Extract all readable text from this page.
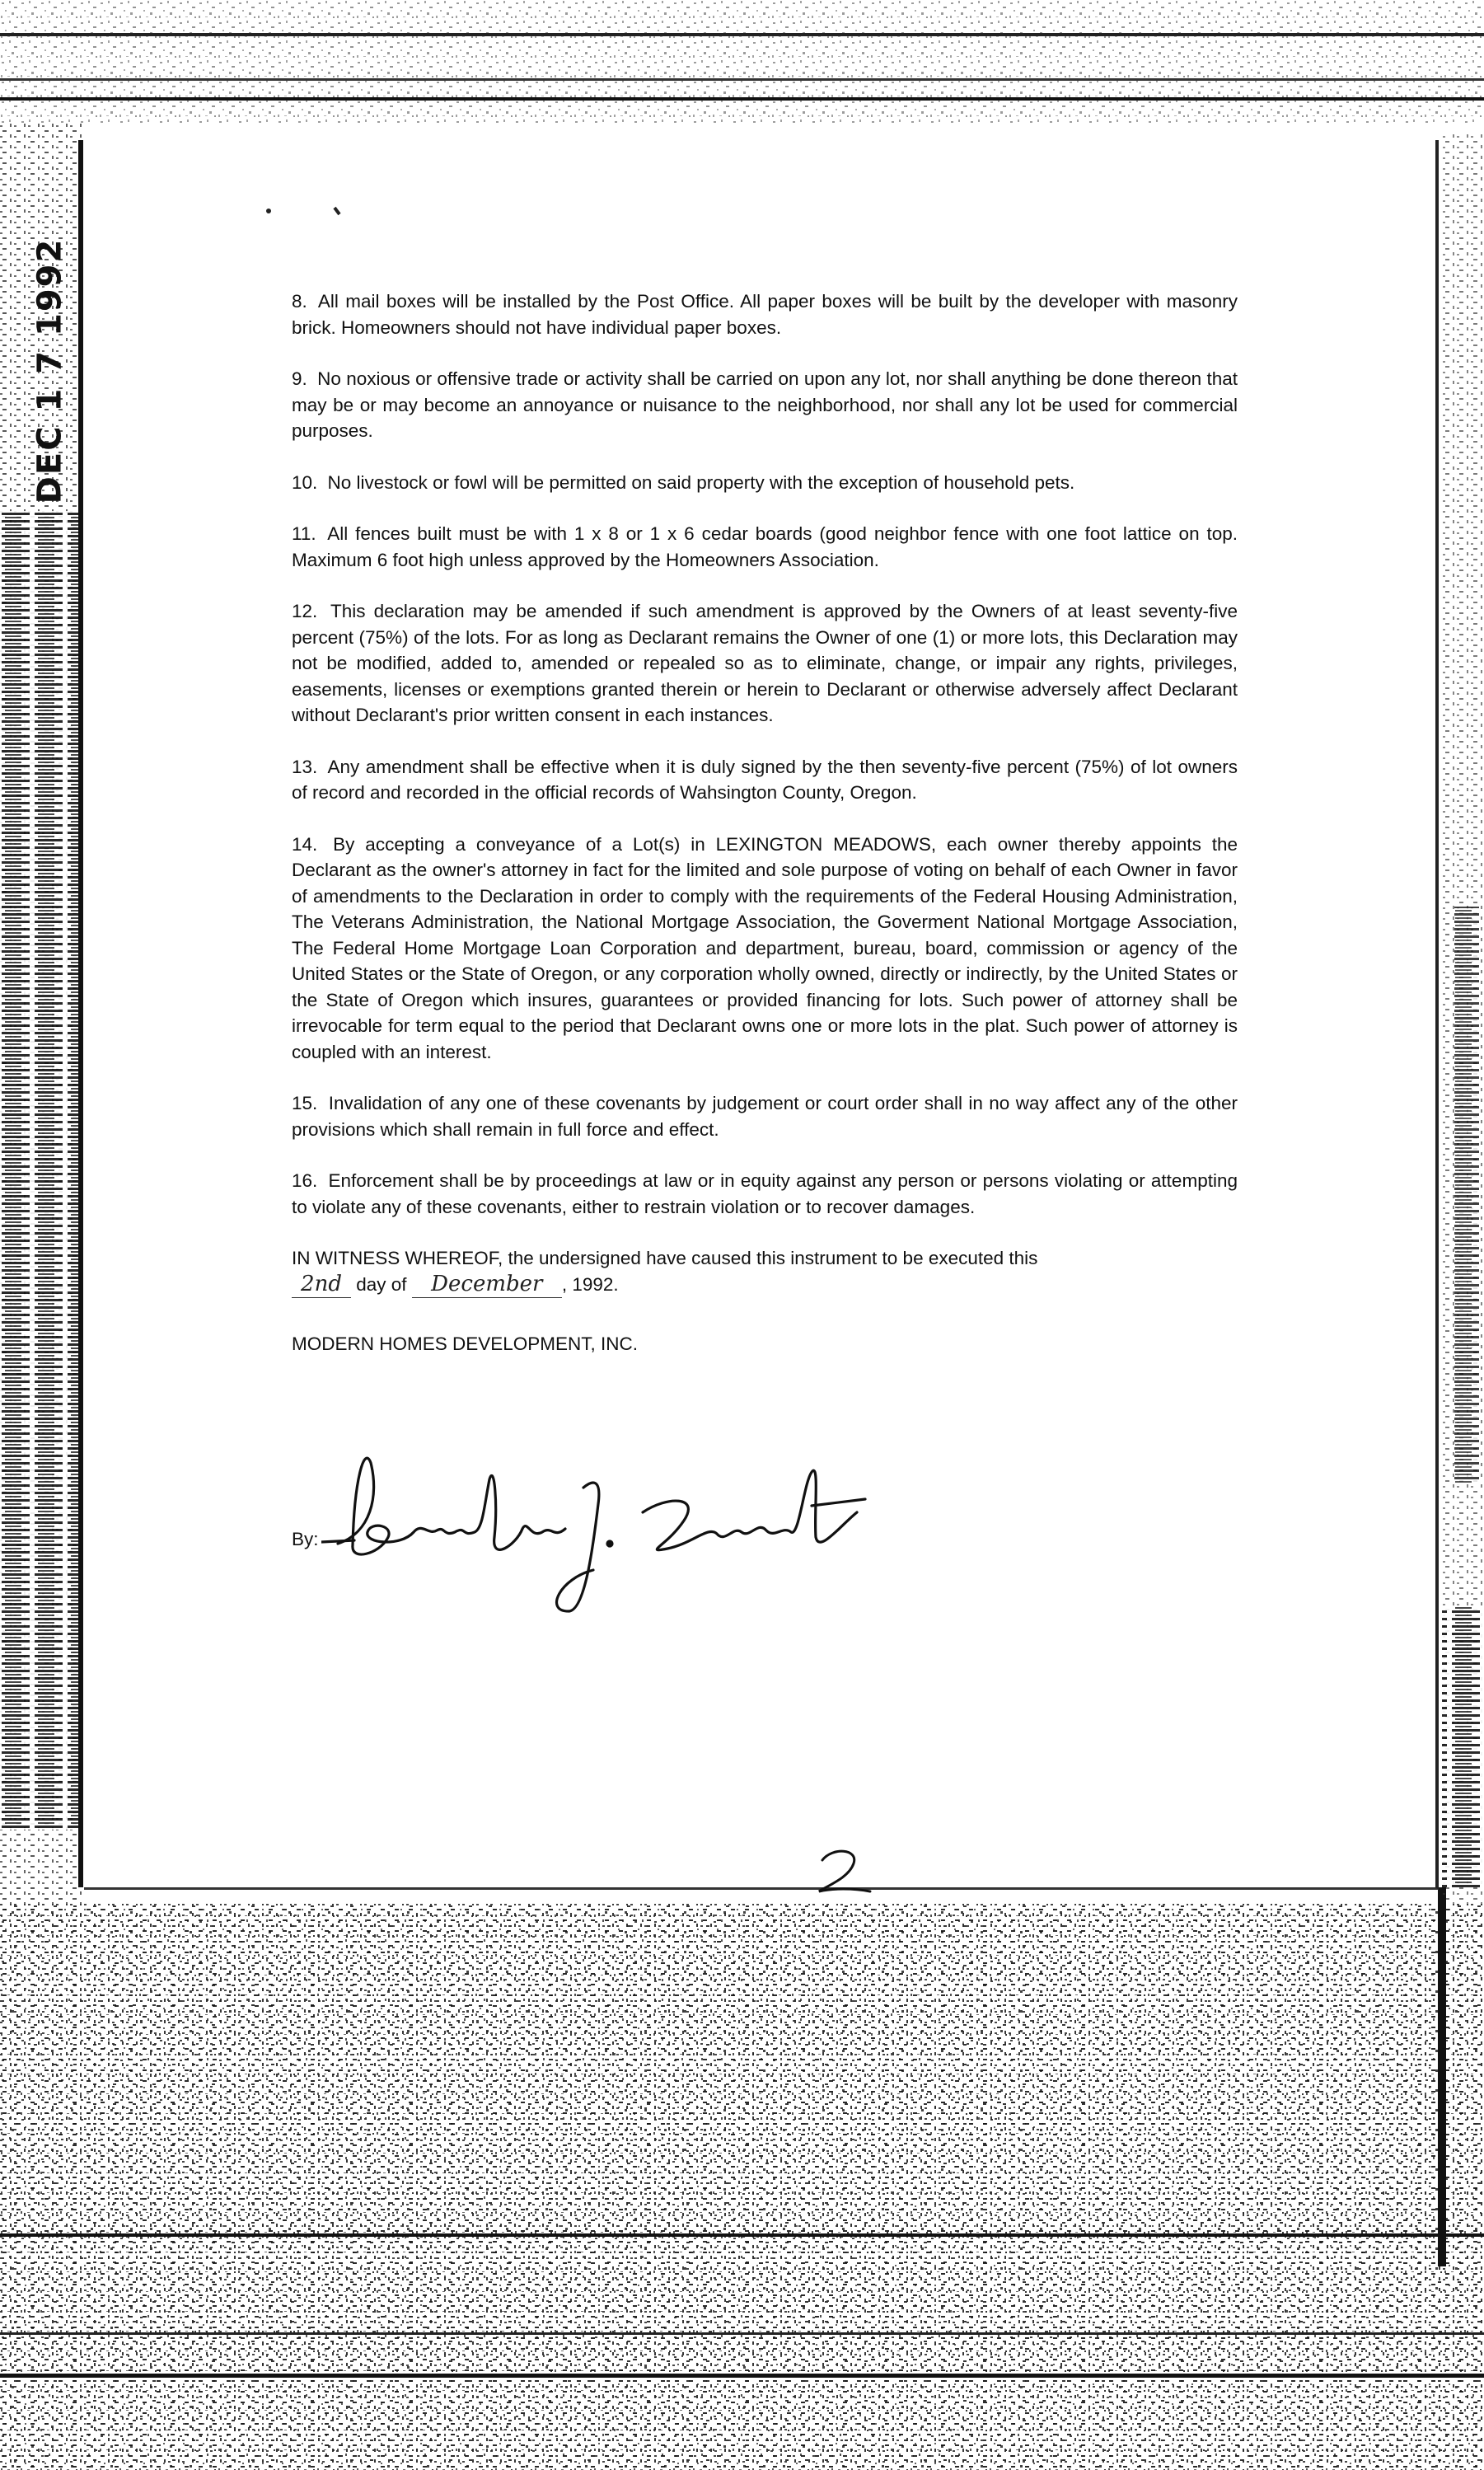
DEC 1 7 1992	8. All mail boxes will be installed by the Post Office. All paper boxes will be built by the developer with masonry brick. Homeowners should not have individual paper boxes.

9. No noxious or offensive trade or activity shall be carried on upon any lot, nor shall anything be done thereon that may be or may become an annoyance or nuisance to the neighborhood, nor shall any lot be used for commercial purposes.

10. No livestock or fowl will be permitted on said property with the exception of household pets.

11. All fences built must be with 1 x 8 or 1 x 6 cedar boards (good neighbor fence with one foot lattice on top. Maximum 6 foot high unless approved by the Homeowners Association.

12. This declaration may be amended if such amendment is approved by the Owners of at least seventy-five percent (75%) of the lots. For as long as Declarant remains the Owner of one (1) or more lots, this Declaration may not be modified, added to, amended or repealed so as to eliminate, change, or impair any rights, privileges, easements, licenses or exemptions granted therein or herein to Declarant or otherwise adversely affect Declarant without Declarant's prior written consent in each instances.

13. Any amendment shall be effective when it is duly signed by the then seventy-five percent (75%) of lot owners of record and recorded in the official records of Wahsington County, Oregon.

14. By accepting a conveyance of a Lot(s) in LEXINGTON MEADOWS, each owner thereby appoints the Declarant as the owner's attorney in fact for the limited and sole purpose of voting on behalf of each Owner in favor of amendments to the Declaration in order to comply with the requirements of the Federal Housing Administration, The Veterans Administration, the National Mortgage Association, the Goverment National Mortgage Association, The Federal Home Mortgage Loan Corporation and department, bureau, board, commission or agency of the United States or the State of Oregon, or any corporation wholly owned, directly or indirectly, by the United States or the State of Oregon which insures, guarantees or provided financing for lots. Such power of attorney shall be irrevocable for term equal to the period that Declarant owns one or more lots in the plat. Such power of attorney is coupled with an interest.

15. Invalidation of any one of these covenants by judgement or court order shall in no way affect any of the other provisions which shall remain in full force and effect.

16. Enforcement shall be by proceedings at law or in equity against any person or persons violating or attempting to violate any of these covenants, either to restrain violation or to recover damages.

IN WITNESS WHEREOF, the undersigned have caused this instrument to be executed this
2nd day of December , 1992.

MODERN HOMES DEVELOPMENT, INC.

By:
2
